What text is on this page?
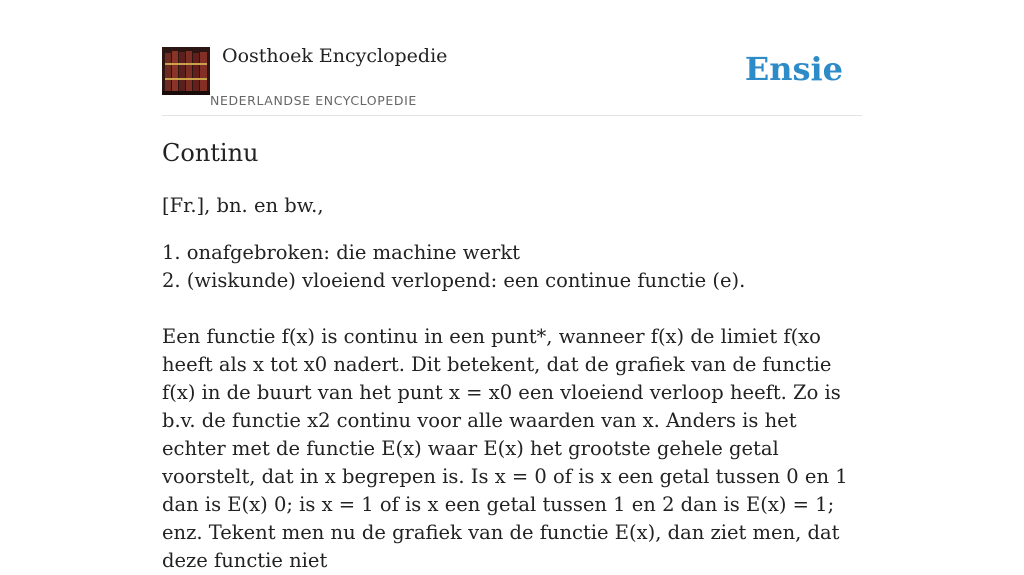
Oosthoek Encyclopedie
NEDERLANDSE ENCYCLOPEDIE
Ensie
Continu
[Fr.], bn. en bw.,
1. onafgebroken: die machine werkt
2. (wiskunde) vloeiend verlopend: een continue functie (e).
Een functie f(x) is continu in een punt*, wanneer f(x) de limiet f(xo heeft als x tot x0 nadert. Dit betekent, dat de grafiek van de functie f(x) in de buurt van het punt x = x0 een vloeiend verloop heeft. Zo is b.v. de functie x2 continu voor alle waarden van x. Anders is het echter met de functie E(x) waar E(x) het grootste gehele getal voorstelt, dat in x begrepen is. Is x = 0 of is x een getal tussen 0 en 1 dan is E(x) 0; is x = 1 of is x een getal tussen 1 en 2 dan is E(x) = 1; enz. Tekent men nu de grafiek van de functie E(x), dan ziet men, dat deze functie niet
